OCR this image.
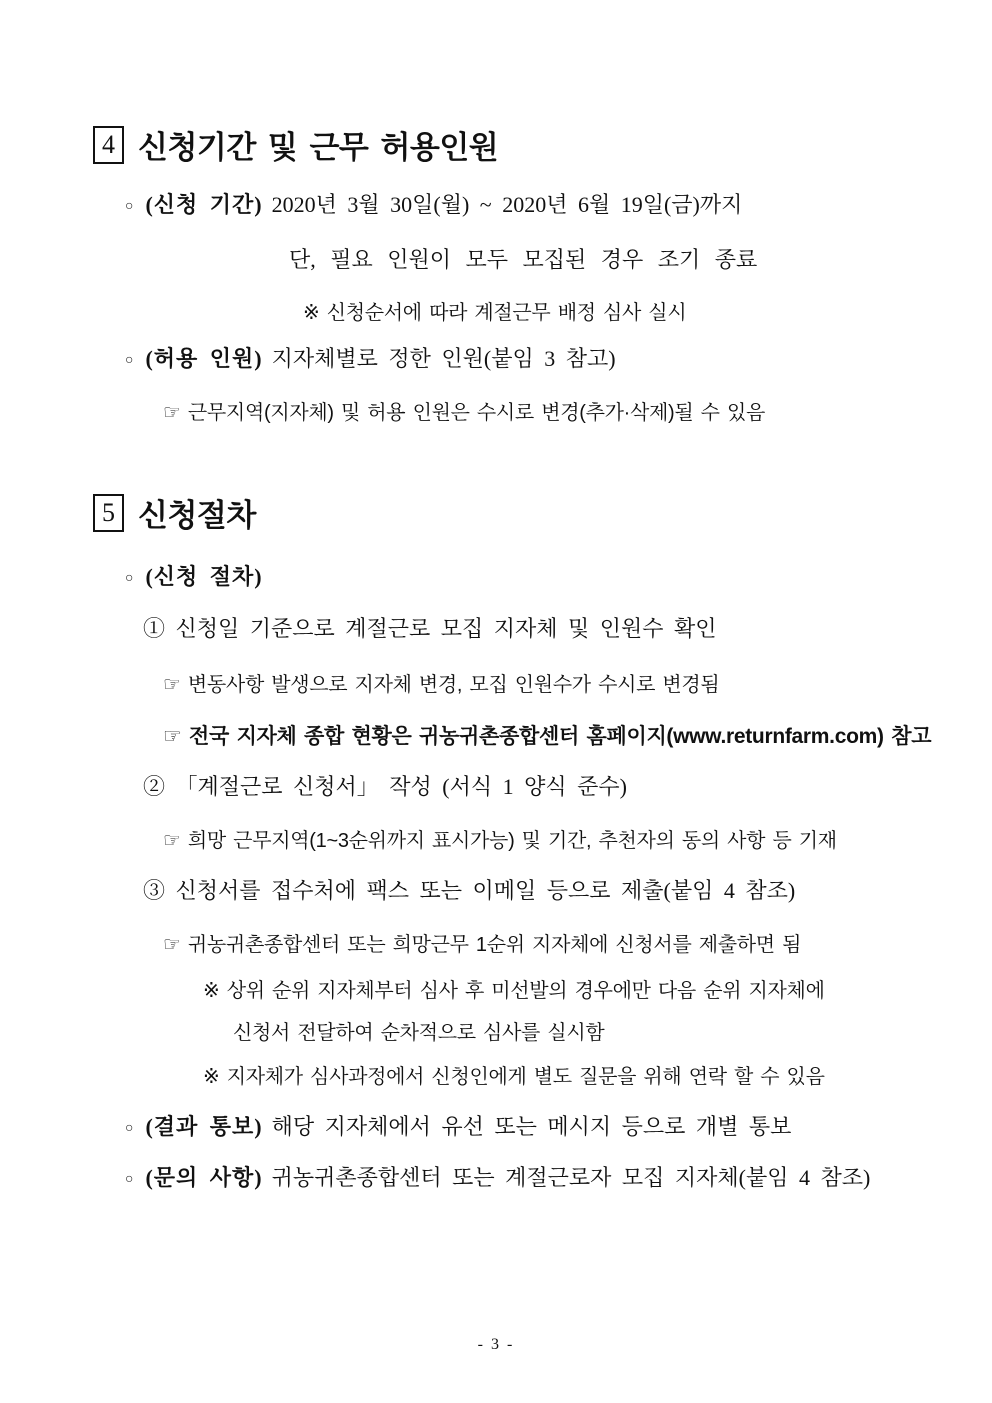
4 신청기간 및 근무 허용인원
○ (신청 기간) 2020년 3월 30일(월) ~ 2020년 6월 19일(금)까지
단, 필요 인원이 모두 모집된 경우 조기 종료
※ 신청순서에 따라 계절근무 배정 심사 실시
○ (허용 인원) 지자체별로 정한 인원(붙임 3 참고)
☞ 근무지역(지자체) 및 허용 인원은 수시로 변경(추가·삭제)될 수 있음
5 신청절차
○ (신청 절차)
① 신청일 기준으로 계절근로 모집 지자체 및 인원수 확인
☞ 변동사항 발생으로 지자체 변경, 모집 인원수가 수시로 변경됨
☞ 전국 지자체 종합 현황은 귀농귀촌종합센터 홈페이지(www.returnfarm.com) 참고
② 「계절근로 신청서」 작성 (서식 1 양식 준수)
☞ 희망 근무지역(1~3순위까지 표시가능) 및 기간, 추천자의 동의 사항 등 기재
③ 신청서를 접수처에 팩스 또는 이메일 등으로 제출(붙임 4 참조)
☞ 귀농귀촌종합센터 또는 희망근무 1순위 지자체에 신청서를 제출하면 됨
※ 상위 순위 지자체부터 심사 후 미선발의 경우에만 다음 순위 지자체에
신청서 전달하여 순차적으로 심사를 실시함
※ 지자체가 심사과정에서 신청인에게 별도 질문을 위해 연락 할 수 있음
○ (결과 통보) 해당 지자체에서 유선 또는 메시지 등으로 개별 통보
○ (문의 사항) 귀농귀촌종합센터 또는 계절근로자 모집 지자체(붙임 4 참조)
- 3 -
